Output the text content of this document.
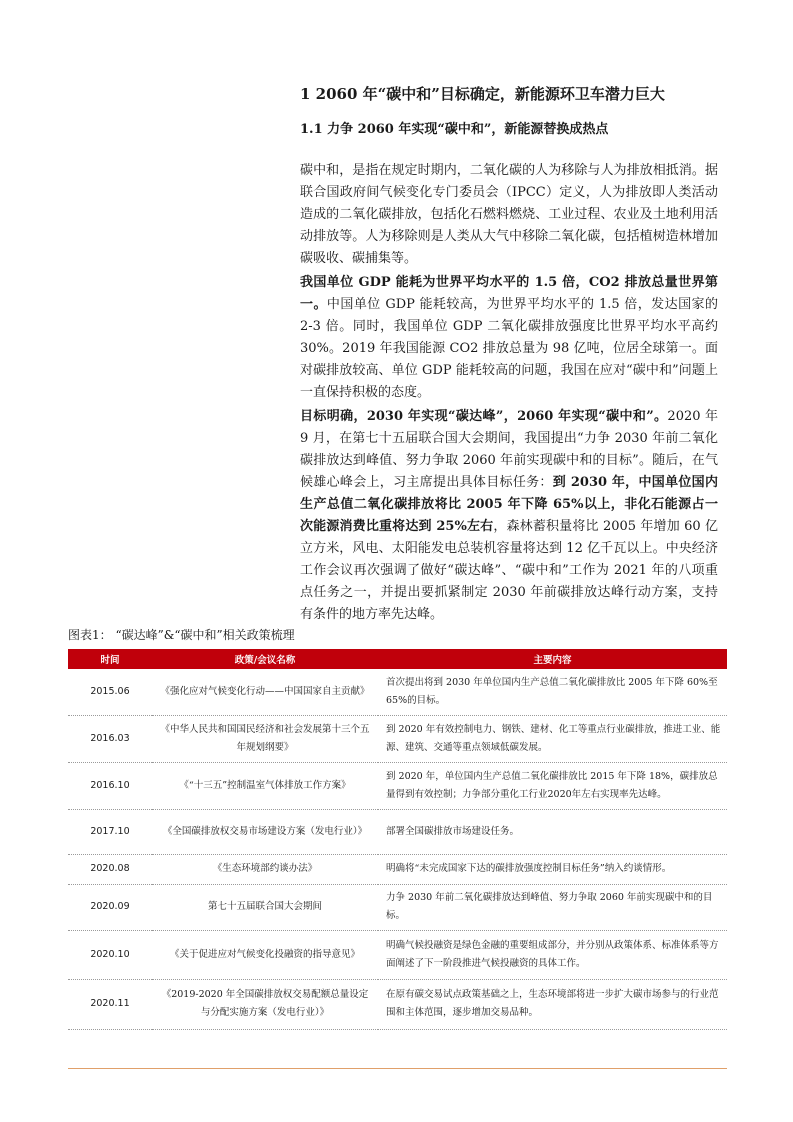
1 2060 年“碳中和”目标确定，新能源环卫车潜力巨大
1.1 力争 2060 年实现“碳中和”，新能源替换成热点
碳中和，是指在规定时期内，二氧化碳的人为移除与人为排放相抵消。据联合国政府间气候变化专门委员会（IPCC）定义，人为排放即人类活动造成的二氧化碳排放，包括化石燃料燃烧、工业过程、农业及土地利用活动排放等。人为移除则是人类从大气中移除二氧化碳，包括植树造林增加碳吸收、碳捕集等。
我国单位 GDP 能耗为世界平均水平的 1.5 倍，CO2 排放总量世界第一。中国单位 GDP 能耗较高，为世界平均水平的 1.5 倍，发达国家的 2-3 倍。同时，我国单位 GDP 二氧化碳排放强度比世界平均水平高约 30%。2019 年我国能源 CO2 排放总量为 98 亿吨，位居全球第一。面对碳排放较高、单位 GDP 能耗较高的问题，我国在应对“碳中和”问题上一直保持积极的态度。
目标明确，2030 年实现“碳达峰”，2060 年实现“碳中和”。2020 年 9 月，在第七十五届联合国大会期间，我国提出“力争 2030 年前二氧化碳排放达到峰值、努力争取 2060 年前实现碳中和的目标”。随后，在气候雄心峰会上，习主席提出具体目标任务：到 2030 年，中国单位国内生产总值二氧化碳排放将比 2005 年下降 65%以上，非化石能源占一次能源消费比重将达到 25%左右，森林蓄积量将比 2005 年增加 60 亿立方米，风电、太阳能发电总装机容量将达到 12 亿千瓦以上。中央经济工作会议再次强调了做好“碳达峰”、“碳中和”工作为 2021 年的八项重点任务之一，并提出要抓紧制定 2030 年前碳排放达峰行动方案，支持有条件的地方率先达峰。
图表1： “碳达峰”&“碳中和”相关政策梳理
时间	政策/会议名称	主要内容
2015.06	《强化应对气候变化行动——中国国家自主贡献》	首次提出将到 2030 年单位国内生产总值二氧化碳排放比 2005 年下降 60%至 65%的目标。
2016.03	《中华人民共和国国民经济和社会发展第十三个五年规划纲要》	到 2020 年有效控制电力、钢铁、建材、化工等重点行业碳排放，推进工业、能源、建筑、交通等重点领域低碳发展。
2016.10	《“十三五”控制温室气体排放工作方案》	到 2020 年，单位国内生产总值二氧化碳排放比 2015 年下降 18%，碳排放总量得到有效控制；力争部分重化工行业2020年左右实现率先达峰。
2017.10	《全国碳排放权交易市场建设方案（发电行业）》	部署全国碳排放市场建设任务。
2020.08	《生态环境部约谈办法》	明确将“未完成国家下达的碳排放强度控制目标任务”纳入约谈情形。
2020.09	第七十五届联合国大会期间	力争 2030 年前二氧化碳排放达到峰值、努力争取 2060 年前实现碳中和的目标。
2020.10	《关于促进应对气候变化投融资的指导意见》	明确气候投融资是绿色金融的重要组成部分，并分别从政策体系、标准体系等方面阐述了下一阶段推进气候投融资的具体工作。
2020.11	《2019-2020 年全国碳排放权交易配额总量设定与分配实施方案（发电行业）》	在原有碳交易试点政策基础之上，生态环境部将进一步扩大碳市场参与的行业范围和主体范围，逐步增加交易品种。
